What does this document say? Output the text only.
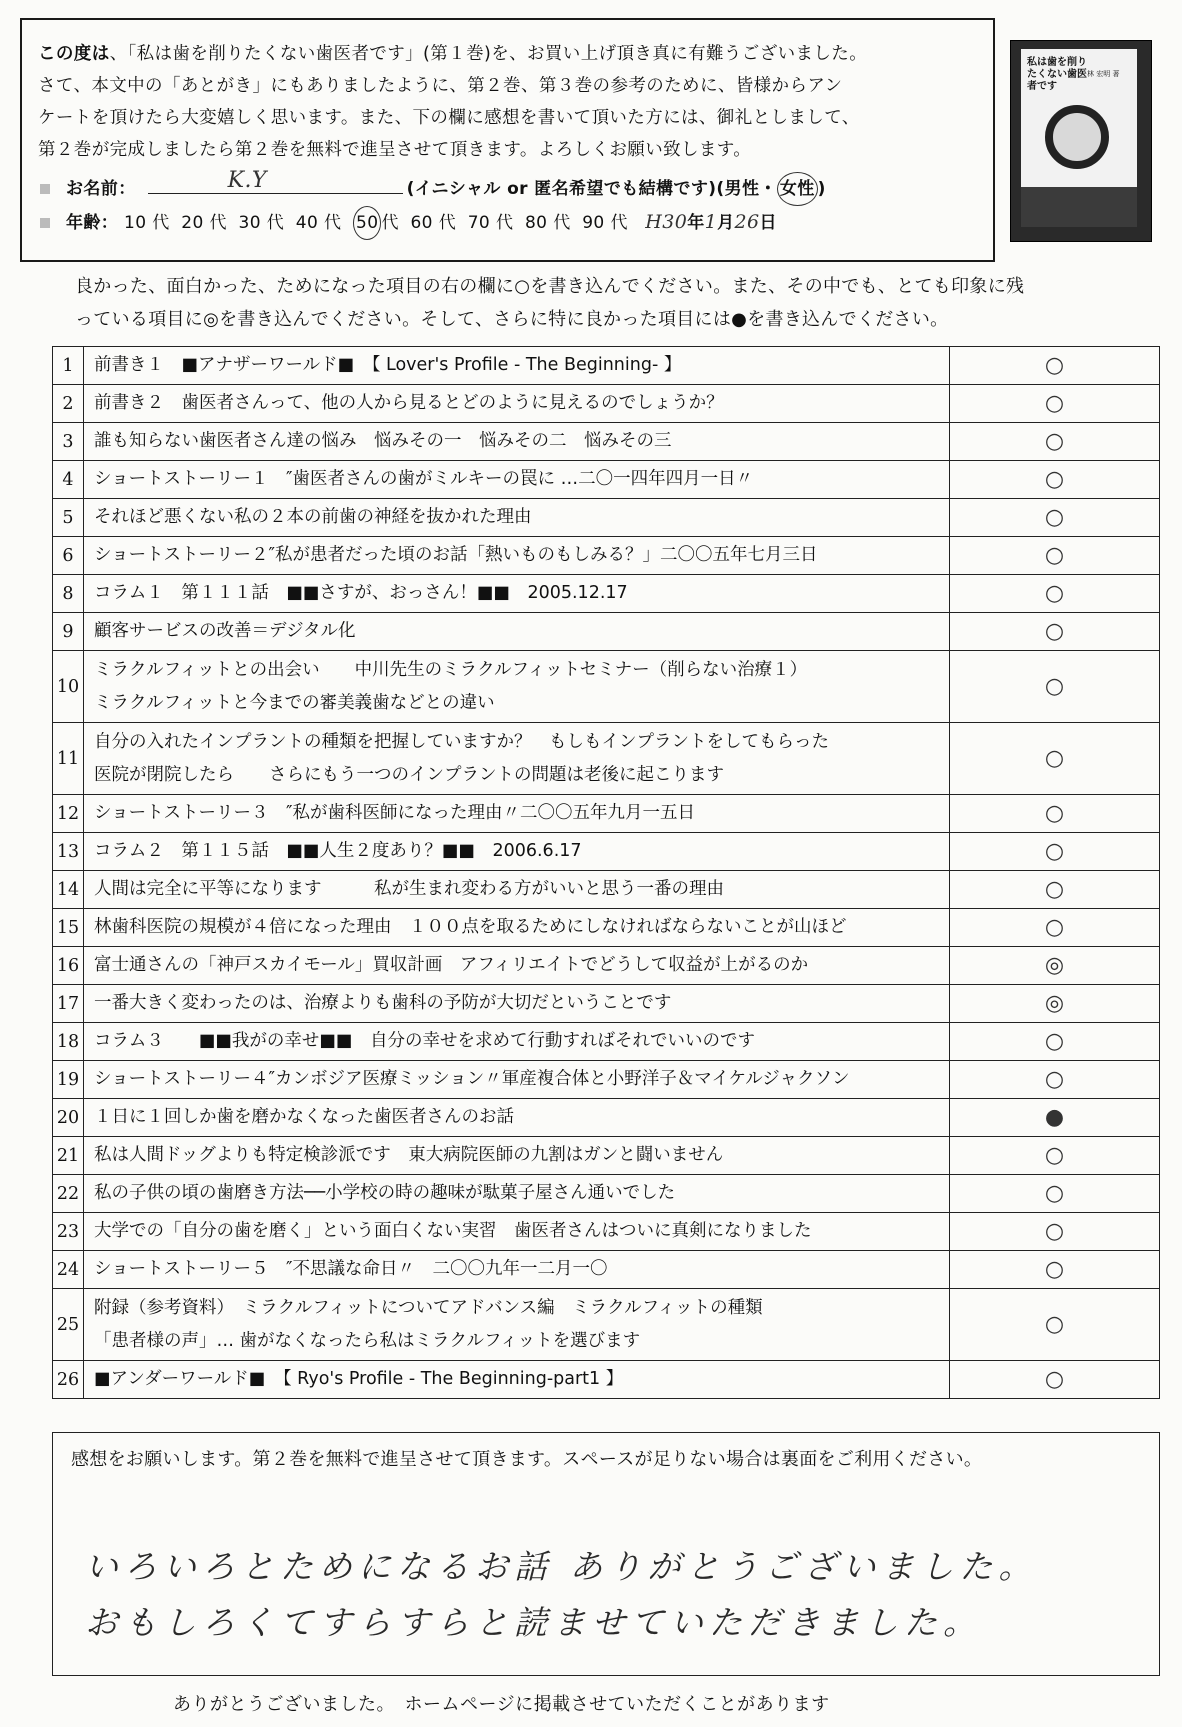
この度は、「私は歯を削りたくない歯医者です」(第１巻)を、お買い上げ頂き真に有難うございました。

さて、本文中の「あとがき」にもありましたように、第２巻、第３巻の参考のために、皆様からアン

ケートを頂けたら大変嬉しく思います。また、下の欄に感想を書いて頂いた方には、御礼としまして、

第２巻が完成しましたら第２巻を無料で進呈させて頂きます。よろしくお願い致します。

お名前：	K.Y	(イニシャル or 匿名希望でも結構です)(男性・ 女性 )
年齢： 10 代 20 代 30 代 40 代 50 代 60 代 70 代 80 代 90 代 H30年1月26日
私は歯を削りたくない歯医者です
林 宏明 著

良かった、面白かった、ためになった項目の右の欄に○を書き込んでください。また、その中でも、とても印象に残

っている項目に◎を書き込んでください。そして、さらに特に良かった項目には●を書き込んでください。

1	前書き１　■アナザーワールド■　【 Lover's Profile - The Beginning- 】	○
2	前書き２　歯医者さんって、他の人から見るとどのように見えるのでしょうか？	○
3	誰も知らない歯医者さん達の悩み　悩みその一　悩みその二　悩みその三	○
4	ショートストーリー１　″歯医者さんの歯がミルキーの罠に …二〇一四年四月一日〃	○
5	それほど悪くない私の２本の前歯の神経を抜かれた理由	○
6	ショートストーリー２″私が患者だった頃のお話「熱いものもしみる？」二〇〇五年七月三日	○
8	コラム１　第１１１話　■■さすが、おっさん！■■　2005.12.17	○
9	顧客サービスの改善＝デジタル化	○
10	ミラクルフィットとの出会い　　中川先生のミラクルフィットセミナー（削らない治療１）
ミラクルフィットと今までの審美義歯などとの違い	○
11	自分の入れたインプラントの種類を把握していますか？　もしもインプラントをしてもらった
医院が閉院したら　　さらにもう一つのインプラントの問題は老後に起こります	○
12	ショートストーリー３　″私が歯科医師になった理由〃二〇〇五年九月一五日	○
13	コラム２　第１１５話　■■人生２度あり？■■　2006.6.17	○
14	人間は完全に平等になります　　　私が生まれ変わる方がいいと思う一番の理由	○
15	林歯科医院の規模が４倍になった理由　１００点を取るためにしなければならないことが山ほど	○
16	富士通さんの「神戸スカイモール」買収計画　アフィリエイトでどうして収益が上がるのか	◎
17	一番大きく変わったのは、治療よりも歯科の予防が大切だということです	◎
18	コラム３　　■■我がの幸せ■■　自分の幸せを求めて行動すればそれでいいのです	○
19	ショートストーリー４″カンボジア医療ミッション〃軍産複合体と小野洋子＆マイケルジャクソン	○
20	１日に１回しか歯を磨かなくなった歯医者さんのお話	●
21	私は人間ドッグよりも特定検診派です　東大病院医師の九割はガンと闘いません	○
22	私の子供の頃の歯磨き方法──小学校の時の趣味が駄菓子屋さん通いでした	○
23	大学での「自分の歯を磨く」という面白くない実習　歯医者さんはついに真剣になりました	○
24	ショートストーリー５　″不思議な命日〃　二〇〇九年一二月一〇	○
25	附録（参考資料）　ミラクルフィットについてアドバンス編　ミラクルフィットの種類
「患者様の声」… 歯がなくなったら私はミラクルフィットを選びます	○
26	■アンダーワールド■　【 Ryo's Profile - The Beginning-part1 】	○
感想をお願いします。第２巻を無料で進呈させて頂きます。スペースが足りない場合は裏面をご利用ください。
いろいろとためになるお話 ありがとうございました。
おもしろくてすらすらと読ませていただきました。
ありがとうございました。　ホームページに掲載させていただくことがあります
